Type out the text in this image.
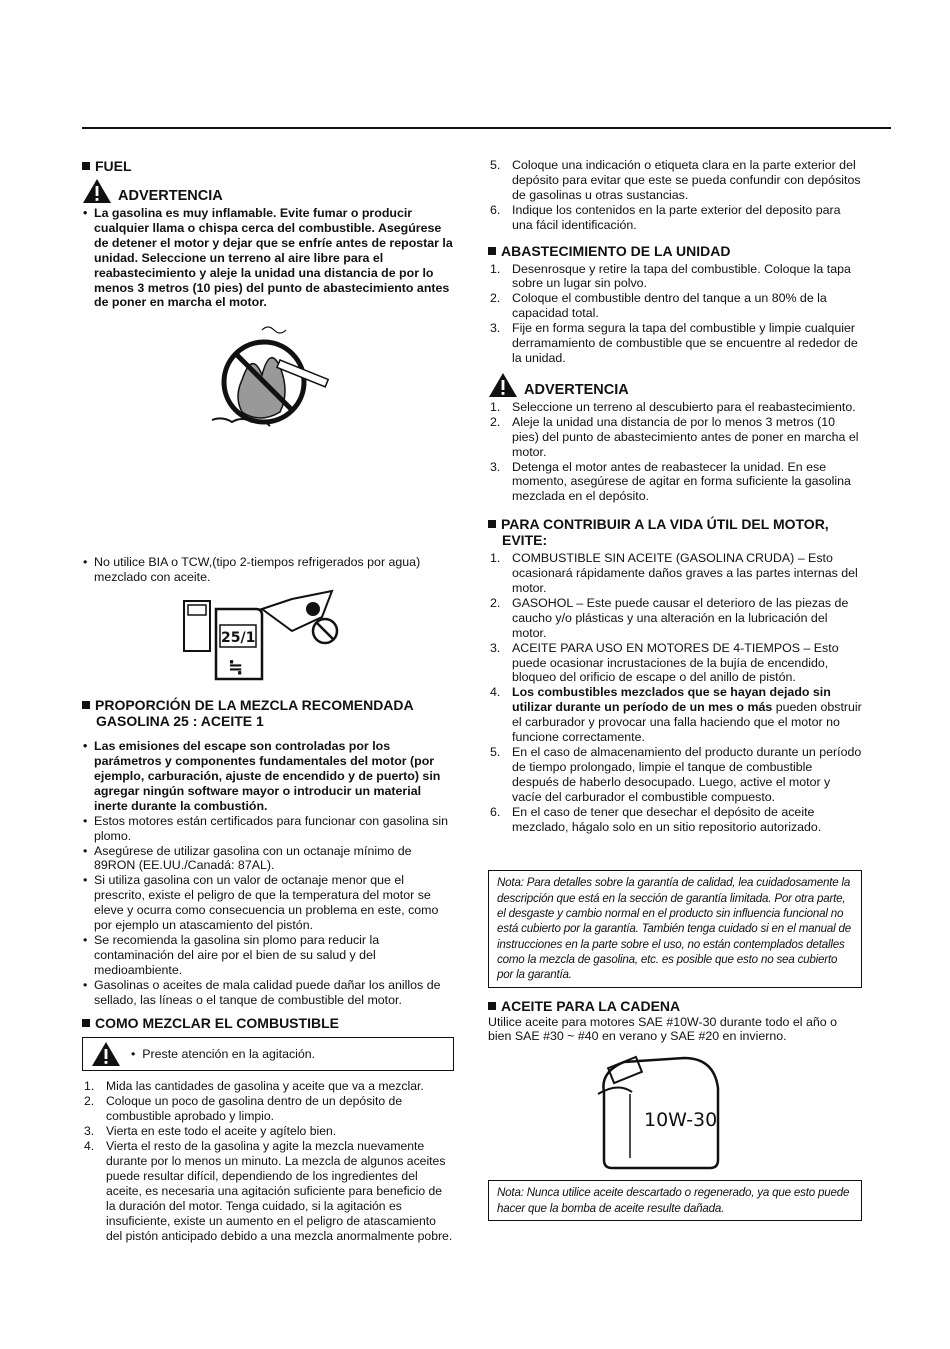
FUEL
ADVERTENCIA
• La gasolina es muy inflamable. Evite fumar o producir cualquier llama o chispa cerca del combustible. Asegúrese de detener el motor y dejar que se enfríe antes de repostar la unidad. Seleccione un terreno al aire libre para el reabastecimiento y aleje la unidad una distancia de por lo menos 3 metros (10 pies) del punto de abastecimiento antes de poner en marcha el motor.
• No utilice BIA o TCW,(tipo 2-tiempos refrigerados por agua) mezclado con aceite.
25/1
≒
PROPORCIÓN DE LA MEZCLA RECOMENDADA
GASOLINA 25 : ACEITE 1
• Las emisiones del escape son controladas por los parámetros y componentes fundamentales del motor (por ejemplo, carburación, ajuste de encendido y de puerto) sin agregar ningún software mayor o introducir un material inerte durante la combustión.
• Estos motores están certificados para funcionar con gasolina sin plomo.
• Asegúrese de utilizar gasolina con un octanaje mínimo de 89RON (EE.UU./Canadá: 87AL).
• Si utiliza gasolina con un valor de octanaje menor que el prescrito, existe el peligro de que la temperatura del motor se eleve y ocurra como consecuencia un problema en este, como por ejemplo un atascamiento del pistón.
• Se recomienda la gasolina sin plomo para reducir la contaminación del aire por el bien de su salud y del medioambiente.
• Gasolinas o aceites de mala calidad puede dañar los anillos de sellado, las líneas o el tanque de combustible del motor.
COMO MEZCLAR EL COMBUSTIBLE
• Preste atención en la agitación.
1. Mida las cantidades de gasolina y aceite que va a mezclar.
2. Coloque un poco de gasolina dentro de un depósito de combustible aprobado y limpio.
3. Vierta en este todo el aceite y agítelo bien.
4. Vierta el resto de la gasolina y agite la mezcla nuevamente durante por lo menos un minuto. La mezcla de algunos aceites puede resultar difícil, dependiendo de los ingredientes del aceite, es necesaria una agitación suficiente para beneficio de la duración del motor. Tenga cuidado, si la agitación es insuficiente, existe un aumento en el peligro de atascamiento del pistón anticipado debido a una mezcla anormalmente pobre.
5. Coloque una indicación o etiqueta clara en la parte exterior del depósito para evitar que este se pueda confundir con depósitos de gasolinas u otras sustancias.
6. Indique los contenidos en la parte exterior del deposito para una fácil identificación.
ABASTECIMIENTO DE LA UNIDAD
1. Desenrosque y retire la tapa del combustible. Coloque la tapa sobre un lugar sin polvo.
2. Coloque el combustible dentro del tanque a un 80% de la capacidad total.
3. Fije en forma segura la tapa del combustible y limpie cualquier derramamiento de combustible que se encuentre al rededor de la unidad.
ADVERTENCIA
1. Seleccione un terreno al descubierto para el reabastecimiento.
2. Aleje la unidad una distancia de por lo menos 3 metros (10 pies) del punto de abastecimiento antes de poner en marcha el motor.
3. Detenga el motor antes de reabastecer la unidad. En ese momento, asegúrese de agitar en forma suficiente la gasolina mezclada en el depósito.
PARA CONTRIBUIR A LA VIDA ÚTIL DEL MOTOR, EVITE:
1. COMBUSTIBLE SIN ACEITE (GASOLINA CRUDA) – Esto ocasionará rápidamente daños graves a las partes internas del motor.
2. GASOHOL – Este puede causar el deterioro de las piezas de caucho y/o plásticas y una alteración en la lubricación del motor.
3. ACEITE PARA USO EN MOTORES DE 4-TIEMPOS – Esto puede ocasionar incrustaciones de la bujía de encendido, bloqueo del orificio de escape o del anillo de pistón.
4. Los combustibles mezclados que se hayan dejado sin utilizar durante un período de un mes o más pueden obstruir el carburador y provocar una falla haciendo que el motor no funcione correctamente.
5. En el caso de almacenamiento del producto durante un período de tiempo prolongado, limpie el tanque de combustible después de haberlo desocupado. Luego, active el motor y vacíe del carburador el combustible compuesto.
6. En el caso de tener que desechar el depósito de aceite mezclado, hágalo solo en un sitio repositorio autorizado.
Nota: Para detalles sobre la garantía de calidad, lea cuidadosamente la descripción que está en la sección de garantía limitada. Por otra parte, el desgaste y cambio normal en el producto sin influencia funcional no está cubierto por la garantía. También tenga cuidado si en el manual de instrucciones en la parte sobre el uso, no están contemplados detalles como la mezcla de gasolina, etc. es posible que esto no sea cubierto por la garantía.
ACEITE PARA LA CADENA
Utilice aceite para motores SAE #10W-30 durante todo el año o bien SAE #30 ~ #40 en verano y SAE #20 en invierno.
10W-30
Nota: Nunca utilice aceite descartado o regenerado, ya que esto puede hacer que la bomba de aceite resulte dañada.
